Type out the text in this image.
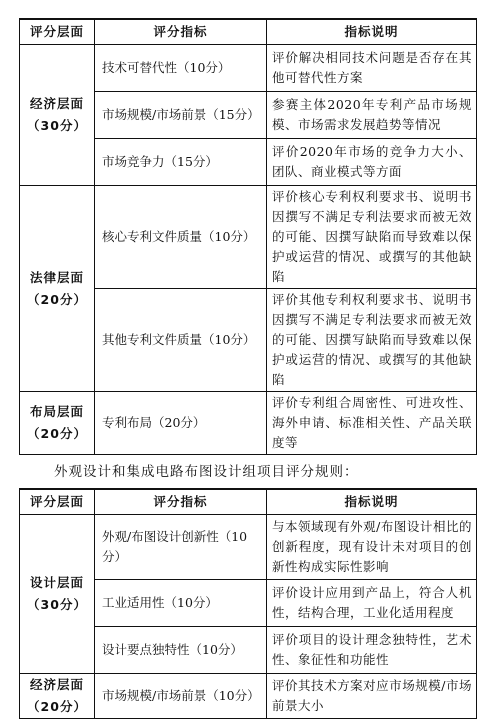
评分层面	评分指标	指标说明

经济层面
（30分）	技术可替代性（10分）	评价解决相同技术问题是否存在其他可替代性方案
	市场规模/市场前景（15分）	参赛主体2020年专利产品市场规模、市场需求发展趋势等情况
	市场竞争力（15分）	评价2020年市场的竞争力大小、团队、商业模式等方面

法律层面
（20分）	核心专利文件质量（10分）	评价核心专利权利要求书、说明书因撰写不满足专利法要求而被无效的可能、因撰写缺陷而导致难以保护或运营的情况、或撰写的其他缺陷
	其他专利文件质量（10分）	评价其他专利权利要求书、说明书因撰写不满足专利法要求而被无效的可能、因撰写缺陷而导致难以保护或运营的情况、或撰写的其他缺陷

布局层面
（20分）	专利布局（20分）	评价专利组合周密性、可进攻性、海外申请、标准相关性、产品关联度等
外观设计和集成电路布图设计组项目评分规则：
评分层面	评分指标	指标说明

设计层面
（30分）	外观/布图设计创新性（10分）	与本领域现有外观/布图设计相比的创新程度，现有设计未对项目的创新性构成实际性影响
	工业适用性（10分）	评价设计应用到产品上，符合人机性，结构合理，工业化适用程度
	设计要点独特性（10分）	评价项目的设计理念独特性，艺术性、象征性和功能性

经济层面
（20分）	市场规模/市场前景（10分）	评价其技术方案对应市场规模/市场前景大小
